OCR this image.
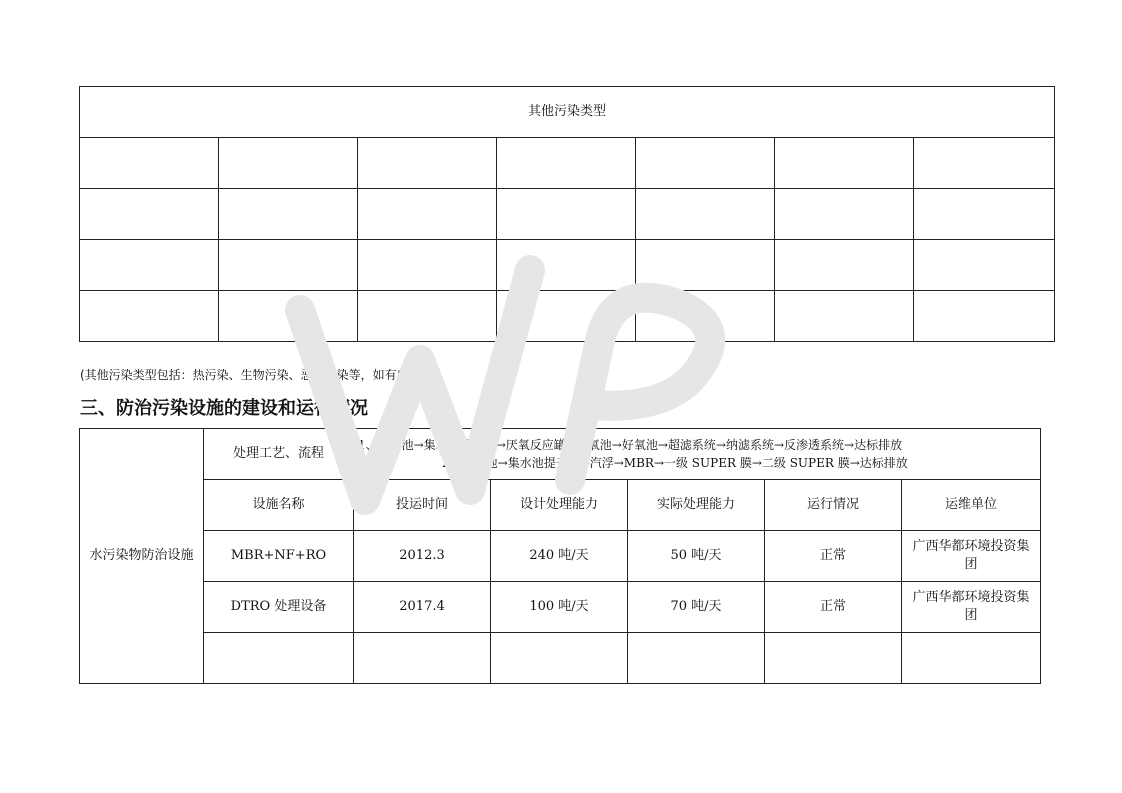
其他污染类型						

(其他污染类型包括：热污染、生物污染、恶臭污染等，如有应公开)
三、防治污染设施的建设和运行情况
水污染物防治设施	处理工艺、流程	1、调节池→集水池提升泵→厌氧反应罐→缺氧池→好氧池→超滤系统→纳滤系统→反渗透系统→达标排放
2、调节池→集水池提升泵→汽浮→MBR→一级 SUPER 膜→二级 SUPER 膜→达标排放				

	设施名称	投运时间	设计处理能力	实际处理能力	运行情况	运维单位
	MBR+NF+RO	2012.3	240 吨/天	50 吨/天	正常	广西华都环境投资集团
	DTRO 处理设备	2017.4	100 吨/天	70 吨/天	正常	广西华都环境投资集团
